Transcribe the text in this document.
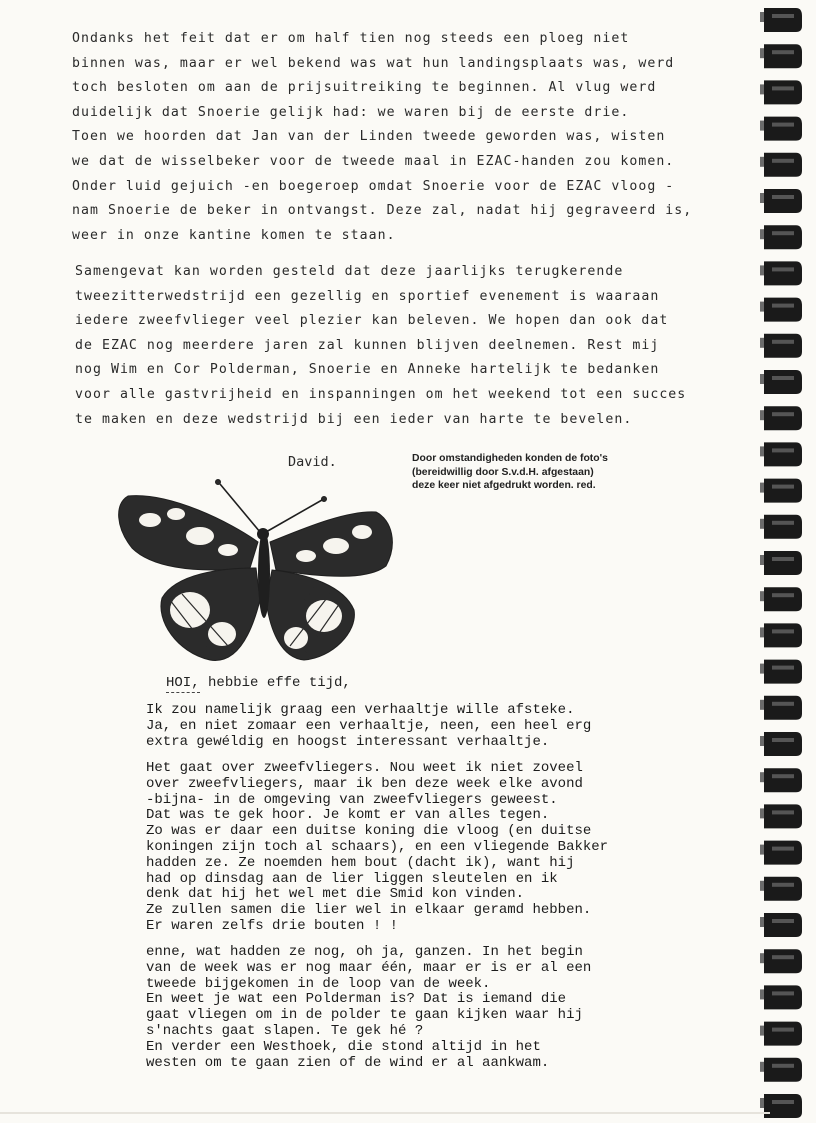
Ondanks het feit dat er om half tien nog steeds een ploeg niet
binnen was, maar er wel bekend was wat hun landingsplaats was, werd
toch besloten om aan de prijsuitreiking te beginnen. Al vlug werd
duidelijk dat Snoerie gelijk had: we waren bij de eerste drie.
Toen we hoorden dat Jan van der Linden tweede geworden was, wisten
we dat de wisselbeker voor de tweede maal in EZAC-handen zou komen.
Onder luid gejuich -en boegeroep omdat Snoerie voor de EZAC vloog -
nam Snoerie de beker in ontvangst. Deze zal, nadat hij gegraveerd is,
weer in onze kantine komen te staan.
Samengevat kan worden gesteld dat deze jaarlijks terugkerende
tweezitterwedstrijd een gezellig en sportief evenement is waaraan
iedere zweefvlieger veel plezier kan beleven. We hopen dan ook dat
de EZAC nog meerdere jaren zal kunnen blijven deelnemen. Rest mij
nog Wim en Cor Polderman, Snoerie en Anneke hartelijk te bedanken
voor alle gastvrijheid en inspanningen om het weekend tot een succes
te maken en deze wedstrijd bij een ieder van harte te bevelen.
David.	Door omstandigheden konden de foto's
(bereidwillig door S.v.d.H. afgestaan)
deze keer niet afgedrukt worden. red.
HOI, hebbie effe tijd,
Ik zou namelijk graag een verhaaltje wille afsteke.
Ja, en niet zomaar een verhaaltje, neen, een heel erg
extra gewéldig en hoogst interessant verhaaltje.
Het gaat over zweefvliegers. Nou weet ik niet zoveel
over zweefvliegers, maar ik ben deze week elke avond
-bijna- in de omgeving van zweefvliegers geweest.
Dat was te gek hoor. Je komt er van alles tegen.
Zo was er daar een duitse koning die vloog (en duitse
koningen zijn toch al schaars), en een vliegende Bakker
hadden ze. Ze noemden hem bout (dacht ik), want hij
had op dinsdag aan de lier liggen sleutelen en ik
denk dat hij het wel met die Smid kon vinden.
Ze zullen samen die lier wel in elkaar geramd hebben.
Er waren zelfs drie bouten ! !
enne, wat hadden ze nog, oh ja, ganzen. In het begin
van de week was er nog maar één, maar er is er al een
tweede bijgekomen in de loop van de week.
En weet je wat een Polderman is? Dat is iemand die
gaat vliegen om in de polder te gaan kijken waar hij
s'nachts gaat slapen. Te gek hé ?
En verder een Westhoek, die stond altijd in het
westen om te gaan zien of de wind er al aankwam.
